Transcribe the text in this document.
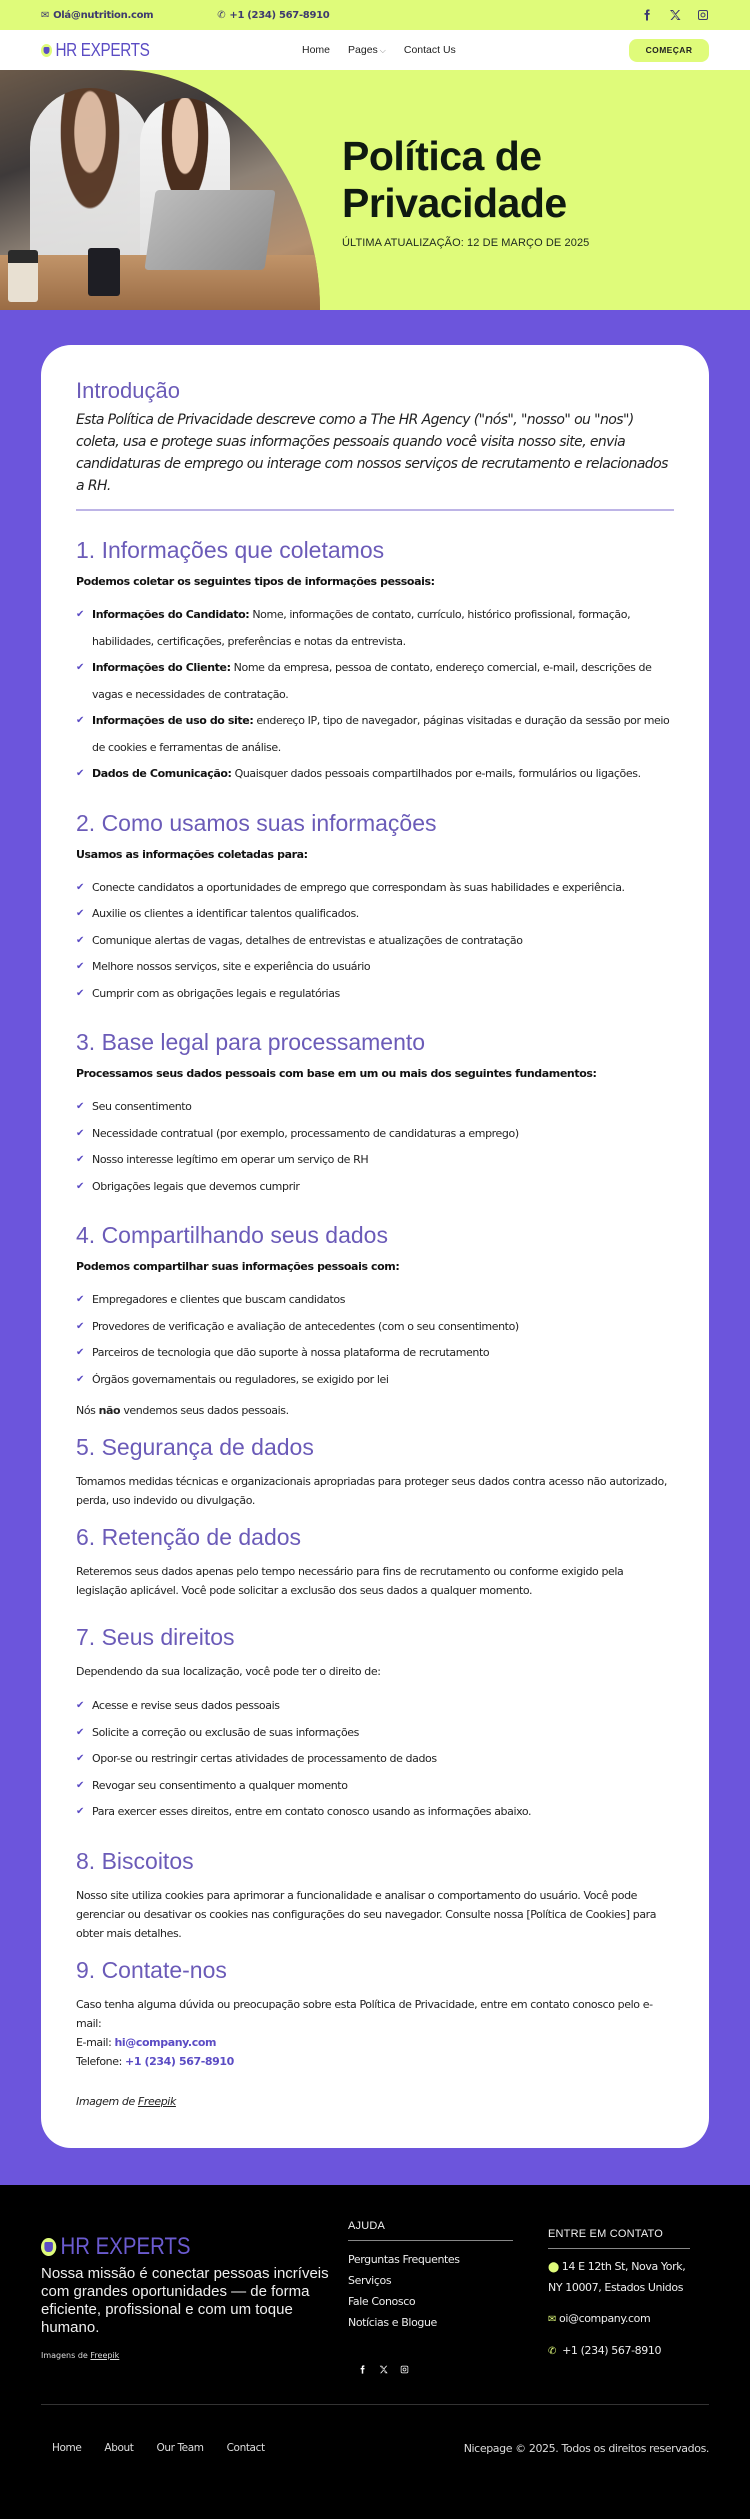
✉ Olá@nutrition.com	✆ +1 (234) 567-8910
HR EXPERTS	Home Pages ⌵ Contact Us	COMEÇAR
Política de
Privacidade
ÚLTIMA ATUALIZAÇÃO: 12 DE MARÇO DE 2025
Introdução

Esta Política de Privacidade descreve como a The HR Agency ("nós", "nosso" ou "nos") coleta, usa e protege suas informações pessoais quando você visita nosso site, envia candidaturas de emprego ou interage com nossos serviços de recrutamento e relacionados a RH.

1. Informações que coletamos

Podemos coletar os seguintes tipos de informações pessoais:

✔ Informações do Candidato: Nome, informações de contato, currículo, histórico profissional, formação, habilidades, certificações, preferências e notas da entrevista.
✔ Informações do Cliente: Nome da empresa, pessoa de contato, endereço comercial, e-mail, descrições de vagas e necessidades de contratação.
✔ Informações de uso do site: endereço IP, tipo de navegador, páginas visitadas e duração da sessão por meio de cookies e ferramentas de análise.
✔ Dados de Comunicação: Quaisquer dados pessoais compartilhados por e-mails, formulários ou ligações.
2. Como usamos suas informações

Usamos as informações coletadas para:

✔ Conecte candidatos a oportunidades de emprego que correspondam às suas habilidades e experiência.
✔ Auxilie os clientes a identificar talentos qualificados.
✔ Comunique alertas de vagas, detalhes de entrevistas e atualizações de contratação
✔ Melhore nossos serviços, site e experiência do usuário
✔ Cumprir com as obrigações legais e regulatórias
3. Base legal para processamento

Processamos seus dados pessoais com base em um ou mais dos seguintes fundamentos:

✔ Seu consentimento
✔ Necessidade contratual (por exemplo, processamento de candidaturas a emprego)
✔ Nosso interesse legítimo em operar um serviço de RH
✔ Obrigações legais que devemos cumprir
4. Compartilhando seus dados

Podemos compartilhar suas informações pessoais com:

✔ Empregadores e clientes que buscam candidatos
✔ Provedores de verificação e avaliação de antecedentes (com o seu consentimento)
✔ Parceiros de tecnologia que dão suporte à nossa plataforma de recrutamento
✔ Órgãos governamentais ou reguladores, se exigido por lei

Nós não vendemos seus dados pessoais.

5. Segurança de dados

Tomamos medidas técnicas e organizacionais apropriadas para proteger seus dados contra acesso não autorizado, perda, uso indevido ou divulgação.

6. Retenção de dados

Reteremos seus dados apenas pelo tempo necessário para fins de recrutamento ou conforme exigido pela legislação aplicável. Você pode solicitar a exclusão dos seus dados a qualquer momento.

7. Seus direitos

Dependendo da sua localização, você pode ter o direito de:

✔ Acesse e revise seus dados pessoais
✔ Solicite a correção ou exclusão de suas informações
✔ Opor-se ou restringir certas atividades de processamento de dados
✔ Revogar seu consentimento a qualquer momento
✔ Para exercer esses direitos, entre em contato conosco usando as informações abaixo.
8. Biscoitos

Nosso site utiliza cookies para aprimorar a funcionalidade e analisar o comportamento do usuário. Você pode gerenciar ou desativar os cookies nas configurações do seu navegador. Consulte nossa [Política de Cookies] para obter mais detalhes.

9. Contate-nos

Caso tenha alguma dúvida ou preocupação sobre esta Política de Privacidade, entre em contato conosco pelo e-mail:
E-mail: hi@company.com
Telefone: +1 (234) 567-8910

Imagem de Freepik

HR EXPERTS

Nossa missão é conectar pessoas incríveis com grandes oportunidades — de forma eficiente, profissional e com um toque humano.

Imagens de Freepik

AJUDA
Perguntas Frequentes
Serviços
Fale Conosco
Notícias e Blogue
ENTRE EM CONTATO
⬤ 14 E 12th St, Nova York,
NY 10007, Estados Unidos
✉ oi@company.com
✆ +1 (234) 567-8910
Home About Our Team Contact	Nicepage © 2025. Todos os direitos reservados.
